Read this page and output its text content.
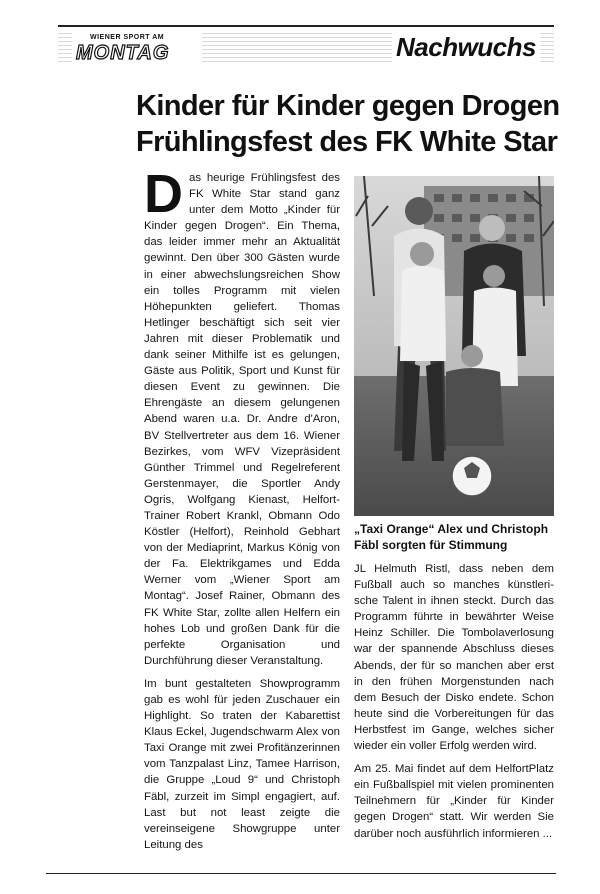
WIENER SPORT AM
MONTAG	Nachwuchs
Kinder für Kinder gegen Drogen
Frühlingsfest des FK White Star

Das heurige Frühlingsfest des FK White Star stand ganz unter dem Motto „Kinder für Kinder gegen Drogen“. Ein Thema, das leider immer mehr an Aktualität gewinnt. Den über 300 Gästen wurde in einer abwechslungsreichen Show ein tolles Programm mit vielen Höhepunkten geliefert. Thomas Hetlinger beschäftigt sich seit vier Jahren mit dieser Problematik und dank seiner Mithilfe ist es gelungen, Gäste aus Politik, Sport und Kunst für diesen Event zu gewinnen. Die Ehrengäste an diesem gelungenen Abend waren u.a. Dr. Andre d'Aron, BV Stellvertreter aus dem 16. Wiener Bezirkes, vom WFV Vizepräsident Günther Trimmel und Regelreferent Gerstenmayer, die Sportler Andy Ogris, Wolfgang Kienast, Helfort-Trainer Robert Krankl, Obmann Odo Köstler (Helfort), Reinhold Gebhart von der Mediaprint, Markus König von der Fa. Elektrikgames und Edda Werner vom „Wiener Sport am Montag“. Josef Rainer, Obmann des FK White Star, zollte allen Helfern ein hohes Lob und großen Dank für die perfekte Organisation und Durchführung dieser Veranstaltung.

Im bunt gestalteten Showprogramm gab es wohl für jeden Zuschauer ein Highlight. So traten der Kabarettist Klaus Eckel, Jugendschwarm Alex von Taxi Orange mit zwei Profitänzerinnen vom Tanzpalast Linz, Tamee Harrison, die Gruppe „Loud 9“ und Christoph Fäbl, zurzeit im Simpl engagiert, auf. Last but not least zeigte die vereinseigene Showgruppe unter Leitung des

„Taxi Orange“ Alex und Christoph Fäbl sorgten für Stimmung

JL Helmuth Ristl, dass neben dem Fußball auch so manches künstlerische Talent in ihnen steckt. Durch das Programm führte in bewährter Weise Heinz Schiller. Die Tombolaverlosung war der spannende Abschluss dieses Abends, der für so manchen aber erst in den frühen Morgenstunden nach dem Besuch der Disko endete. Schon heute sind die Vorbereitungen für das Herbstfest im Gange, welches sicher wieder ein voller Erfolg werden wird.

Am 25. Mai findet auf dem HelfortPlatz ein Fußballspiel mit vielen prominenten Teilnehmern für „Kinder für Kinder gegen Drogen“ statt. Wir werden Sie darüber noch ausführlich informieren ...
